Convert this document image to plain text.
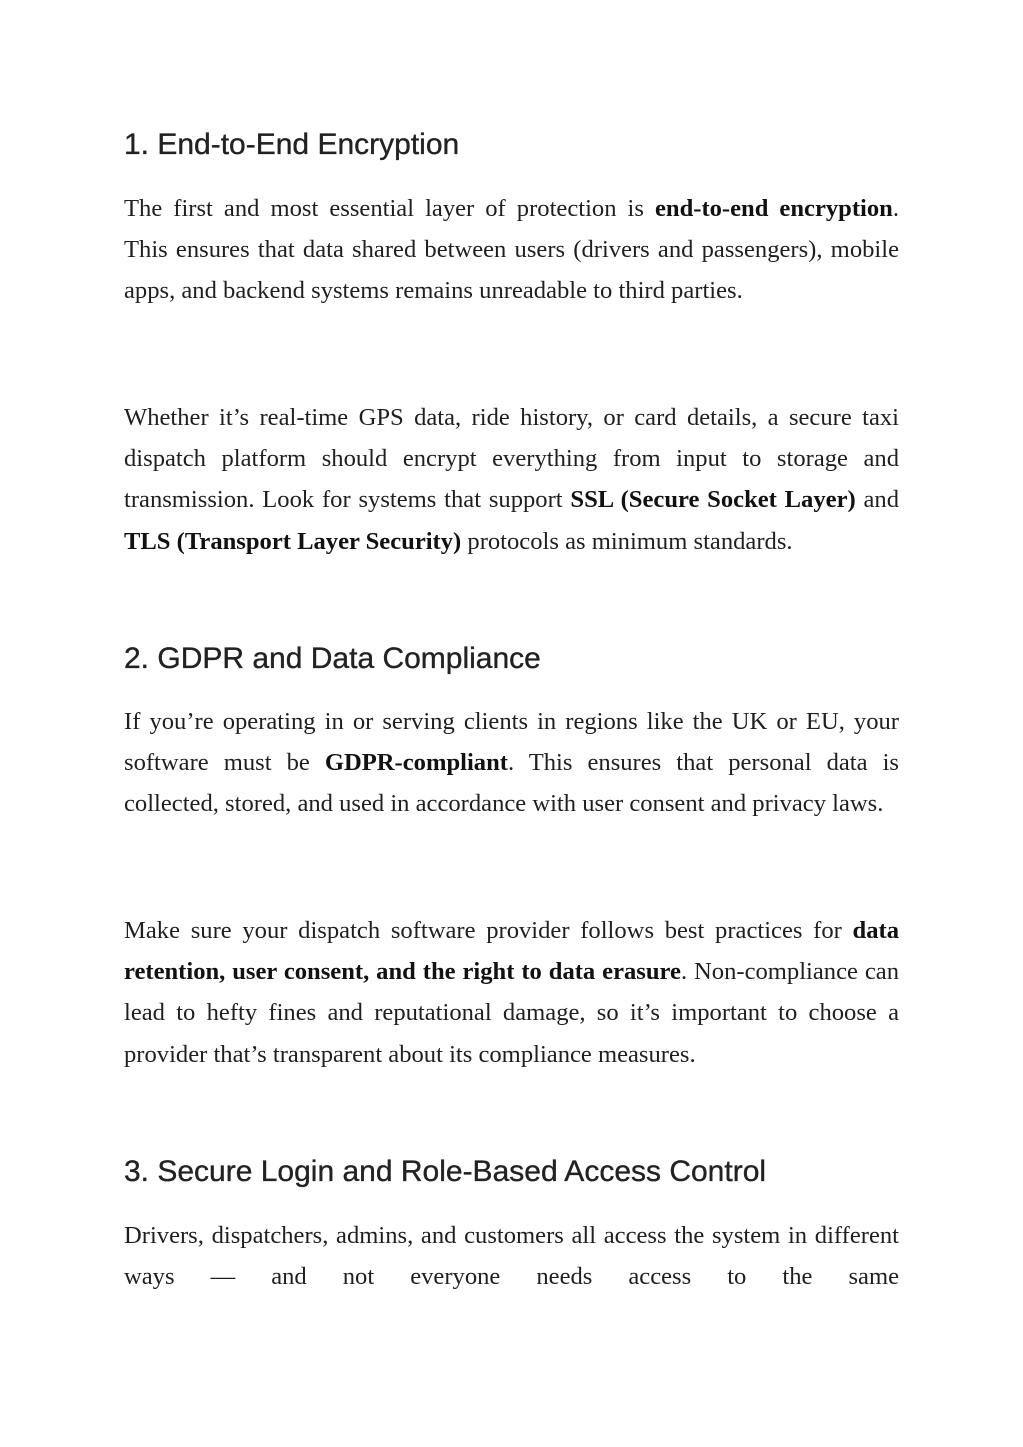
1. End-to-End Encryption

The first and most essential layer of protection is end-to-end encryption. This ensures that data shared between users (drivers and passengers), mobile apps, and backend systems remains unreadable to third parties.

Whether it’s real-time GPS data, ride history, or card details, a secure taxi dispatch platform should encrypt everything from input to storage and transmission. Look for systems that support SSL (Secure Socket Layer) and TLS (Transport Layer Security) protocols as minimum standards.

2. GDPR and Data Compliance

If you’re operating in or serving clients in regions like the UK or EU, your software must be GDPR-compliant. This ensures that personal data is collected, stored, and used in accordance with user consent and privacy laws.

Make sure your dispatch software provider follows best practices for data retention, user consent, and the right to data erasure. Non-compliance can lead to hefty fines and reputational damage, so it’s important to choose a provider that’s transparent about its compliance measures.

3. Secure Login and Role-Based Access Control

Drivers, dispatchers, admins, and customers all access the system in different ways — and not everyone needs access to the same
